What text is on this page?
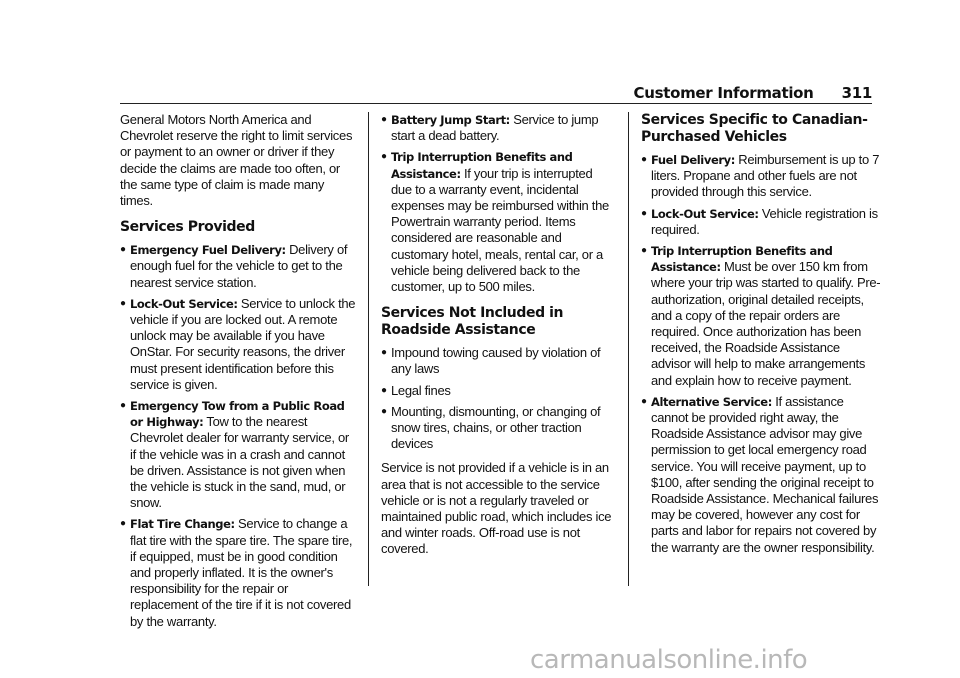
Customer Information 311

General Motors North America and Chevrolet reserve the right to limit services or payment to an owner or driver if they decide the claims are made too often, or the same type of claim is made many times.

Services Provided
● Emergency Fuel Delivery: Delivery of enough fuel for the vehicle to get to the nearest service station.
● Lock-Out Service: Service to unlock the vehicle if you are locked out. A remote unlock may be available if you have OnStar. For security reasons, the driver must present identification before this service is given.
● Emergency Tow from a Public Road or Highway: Tow to the nearest Chevrolet dealer for warranty service, or if the vehicle was in a crash and cannot be driven. Assistance is not given when the vehicle is stuck in the sand, mud, or snow.
● Flat Tire Change: Service to change a flat tire with the spare tire. The spare tire, if equipped, must be in good condition and properly inflated. It is the owner's responsibility for the repair or replacement of the tire if it is not covered by the warranty.
● Battery Jump Start: Service to jump start a dead battery.
● Trip Interruption Benefits and Assistance: If your trip is interrupted due to a warranty event, incidental expenses may be reimbursed within the Powertrain warranty period. Items considered are reasonable and customary hotel, meals, rental car, or a vehicle being delivered back to the customer, up to 500 miles.
Services Not Included in Roadside Assistance
● Impound towing caused by violation of any laws
● Legal fines
● Mounting, dismounting, or changing of snow tires, chains, or other traction devices

Service is not provided if a vehicle is in an area that is not accessible to the service vehicle or is not a regularly traveled or maintained public road, which includes ice and winter roads. Off-road use is not covered.

Services Specific to Canadian-Purchased Vehicles
● Fuel Delivery: Reimbursement is up to 7 liters. Propane and other fuels are not provided through this service.
● Lock-Out Service: Vehicle registration is required.
● Trip Interruption Benefits and Assistance: Must be over 150 km from where your trip was started to qualify. Pre-authorization, original detailed receipts, and a copy of the repair orders are required. Once authorization has been received, the Roadside Assistance advisor will help to make arrangements and explain how to receive payment.
● Alternative Service: If assistance cannot be provided right away, the Roadside Assistance advisor may give permission to get local emergency road service. You will receive payment, up to $100, after sending the original receipt to Roadside Assistance. Mechanical failures may be covered, however any cost for parts and labor for repairs not covered by the warranty are the owner responsibility.
carmanualsonline.info
